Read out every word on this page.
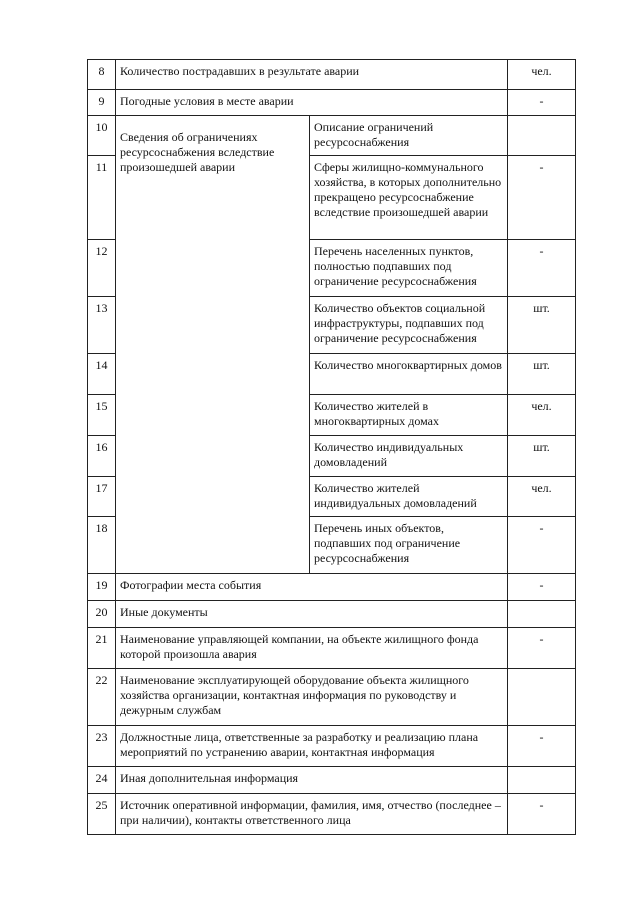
8	Количество пострадавших в результате аварии		чел.
9	Погодные условия в месте аварии		-
10	Сведения об ограничениях ресурсоснабжения вследствие произошедшей аварии	Описание ограничений ресурсоснабжения	
11		Сферы жилищно-коммунального хозяйства, в которых дополнительно прекращено ресурсоснабжение вследствие произошедшей аварии	-
12		Перечень населенных пунктов, полностью подпавших под ограничение ресурсоснабжения	-
13		Количество объектов социальной инфраструктуры, подпавших под ограничение ресурсоснабжения	шт.
14		Количество многоквартирных домов	шт.
15		Количество жителей в многоквартирных домах	чел.
16		Количество индивидуальных домовладений	шт.
17		Количество жителей индивидуальных домовладений	чел.
18		Перечень иных объектов, подпавших под ограничение ресурсоснабжения	-
19	Фотографии места события		-
20	Иные документы		
21	Наименование управляющей компании, на объекте жилищного фонда которой произошла авария		-
22	Наименование эксплуатирующей оборудование объекта жилищного хозяйства организации, контактная информация по руководству и дежурным службам		
23	Должностные лица, ответственные за разработку и реализацию плана мероприятий по устранению аварии, контактная информация		-
24	Иная дополнительная информация		
25	Источник оперативной информации, фамилия, имя, отчество (последнее – при наличии), контакты ответственного лица		-
